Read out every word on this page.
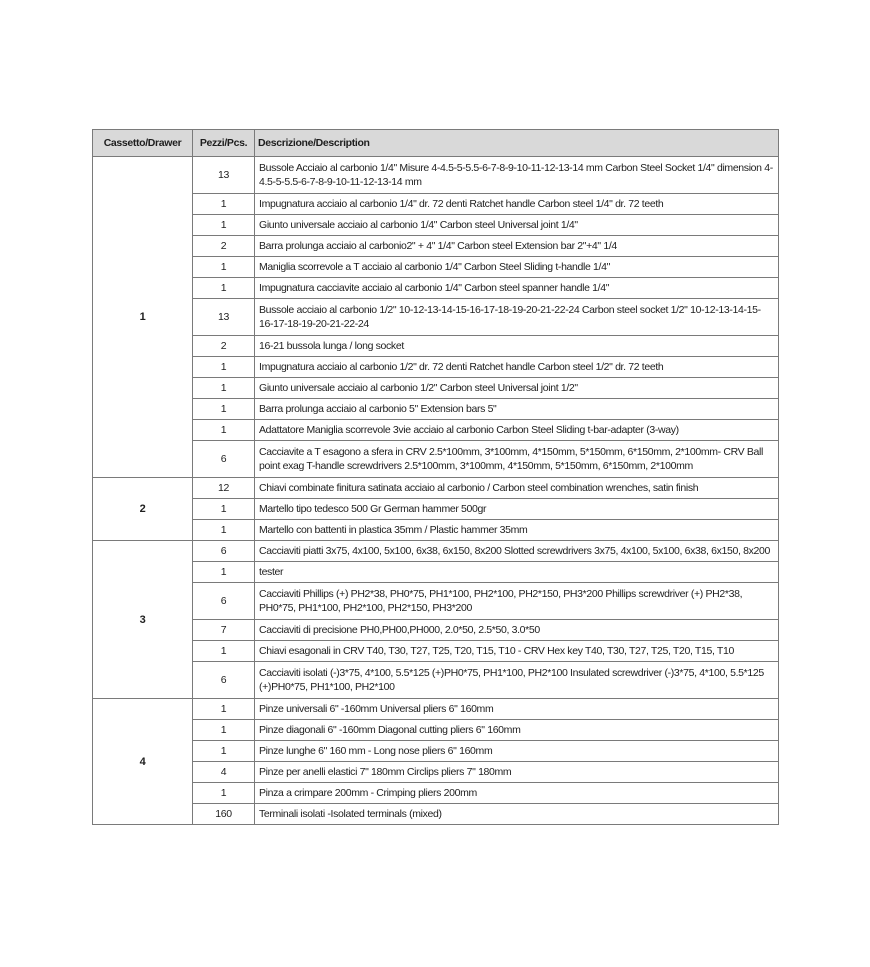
Cassetto/Drawer	Pezzi/Pcs.	Descrizione/Description
1	13	Bussole Acciaio al carbonio 1/4" Misure 4-4.5-5-5.5-6-7-8-9-10-11-12-13-14 mm Carbon Steel Socket 1/4" dimension 4-4.5-5-5.5-6-7-8-9-10-11-12-13-14 mm
	1	Impugnatura acciaio al carbonio 1/4" dr. 72 denti Ratchet handle Carbon steel 1/4" dr. 72 teeth
	1	Giunto universale acciaio al carbonio 1/4" Carbon steel Universal joint 1/4"
	2	Barra prolunga acciaio al carbonio2" + 4" 1/4" Carbon steel Extension bar 2"+4" 1/4
	1	Maniglia scorrevole a T acciaio al carbonio 1/4" Carbon Steel Sliding t-handle 1/4"
	1	Impugnatura cacciavite acciaio al carbonio 1/4" Carbon steel spanner handle 1/4"
	13	Bussole acciaio al carbonio 1/2" 10-12-13-14-15-16-17-18-19-20-21-22-24 Carbon steel socket 1/2" 10-12-13-14-15-16-17-18-19-20-21-22-24
	2	16-21 bussola lunga / long socket
	1	Impugnatura acciaio al carbonio 1/2" dr. 72 denti Ratchet handle Carbon steel 1/2" dr. 72 teeth
	1	Giunto universale acciaio al carbonio 1/2" Carbon steel Universal joint 1/2"
	1	Barra prolunga acciaio al carbonio 5" Extension bars 5"
	1	Adattatore Maniglia scorrevole 3vie acciaio al carbonio Carbon Steel Sliding t-bar-adapter (3-way)
	6	Cacciavite a T esagono a sfera in CRV 2.5*100mm, 3*100mm, 4*150mm, 5*150mm, 6*150mm, 2*100mm- CRV Ball point exag T-handle screwdrivers 2.5*100mm, 3*100mm, 4*150mm, 5*150mm, 6*150mm, 2*100mm
2	12	Chiavi combinate finitura satinata acciaio al carbonio / Carbon steel combination wrenches, satin finish
	1	Martello tipo tedesco 500 Gr German hammer 500gr
	1	Martello con battenti in plastica 35mm / Plastic hammer 35mm
3	6	Cacciaviti piatti 3x75, 4x100, 5x100, 6x38, 6x150, 8x200 Slotted screwdrivers 3x75, 4x100, 5x100, 6x38, 6x150, 8x200
	1	tester
	6	Cacciaviti Phillips (+) PH2*38, PH0*75, PH1*100, PH2*100, PH2*150, PH3*200 Phillips screwdriver (+) PH2*38, PH0*75, PH1*100, PH2*100, PH2*150, PH3*200
	7	Cacciaviti di precisione PH0,PH00,PH000, 2.0*50, 2.5*50, 3.0*50
	1	Chiavi esagonali in CRV T40, T30, T27, T25, T20, T15, T10 - CRV Hex key T40, T30, T27, T25, T20, T15, T10
	6	Cacciaviti isolati (-)3*75, 4*100, 5.5*125 (+)PH0*75, PH1*100, PH2*100 Insulated screwdriver (-)3*75, 4*100, 5.5*125 (+)PH0*75, PH1*100, PH2*100
4	1	Pinze universali 6" -160mm Universal pliers 6" 160mm
	1	Pinze diagonali 6" -160mm Diagonal cutting pliers 6" 160mm
	1	Pinze lunghe 6" 160 mm - Long nose pliers 6" 160mm
	4	Pinze per anelli elastici 7" 180mm Circlips pliers 7" 180mm
	1	Pinza a crimpare 200mm - Crimping pliers 200mm
	160	Terminali isolati -Isolated terminals (mixed)
